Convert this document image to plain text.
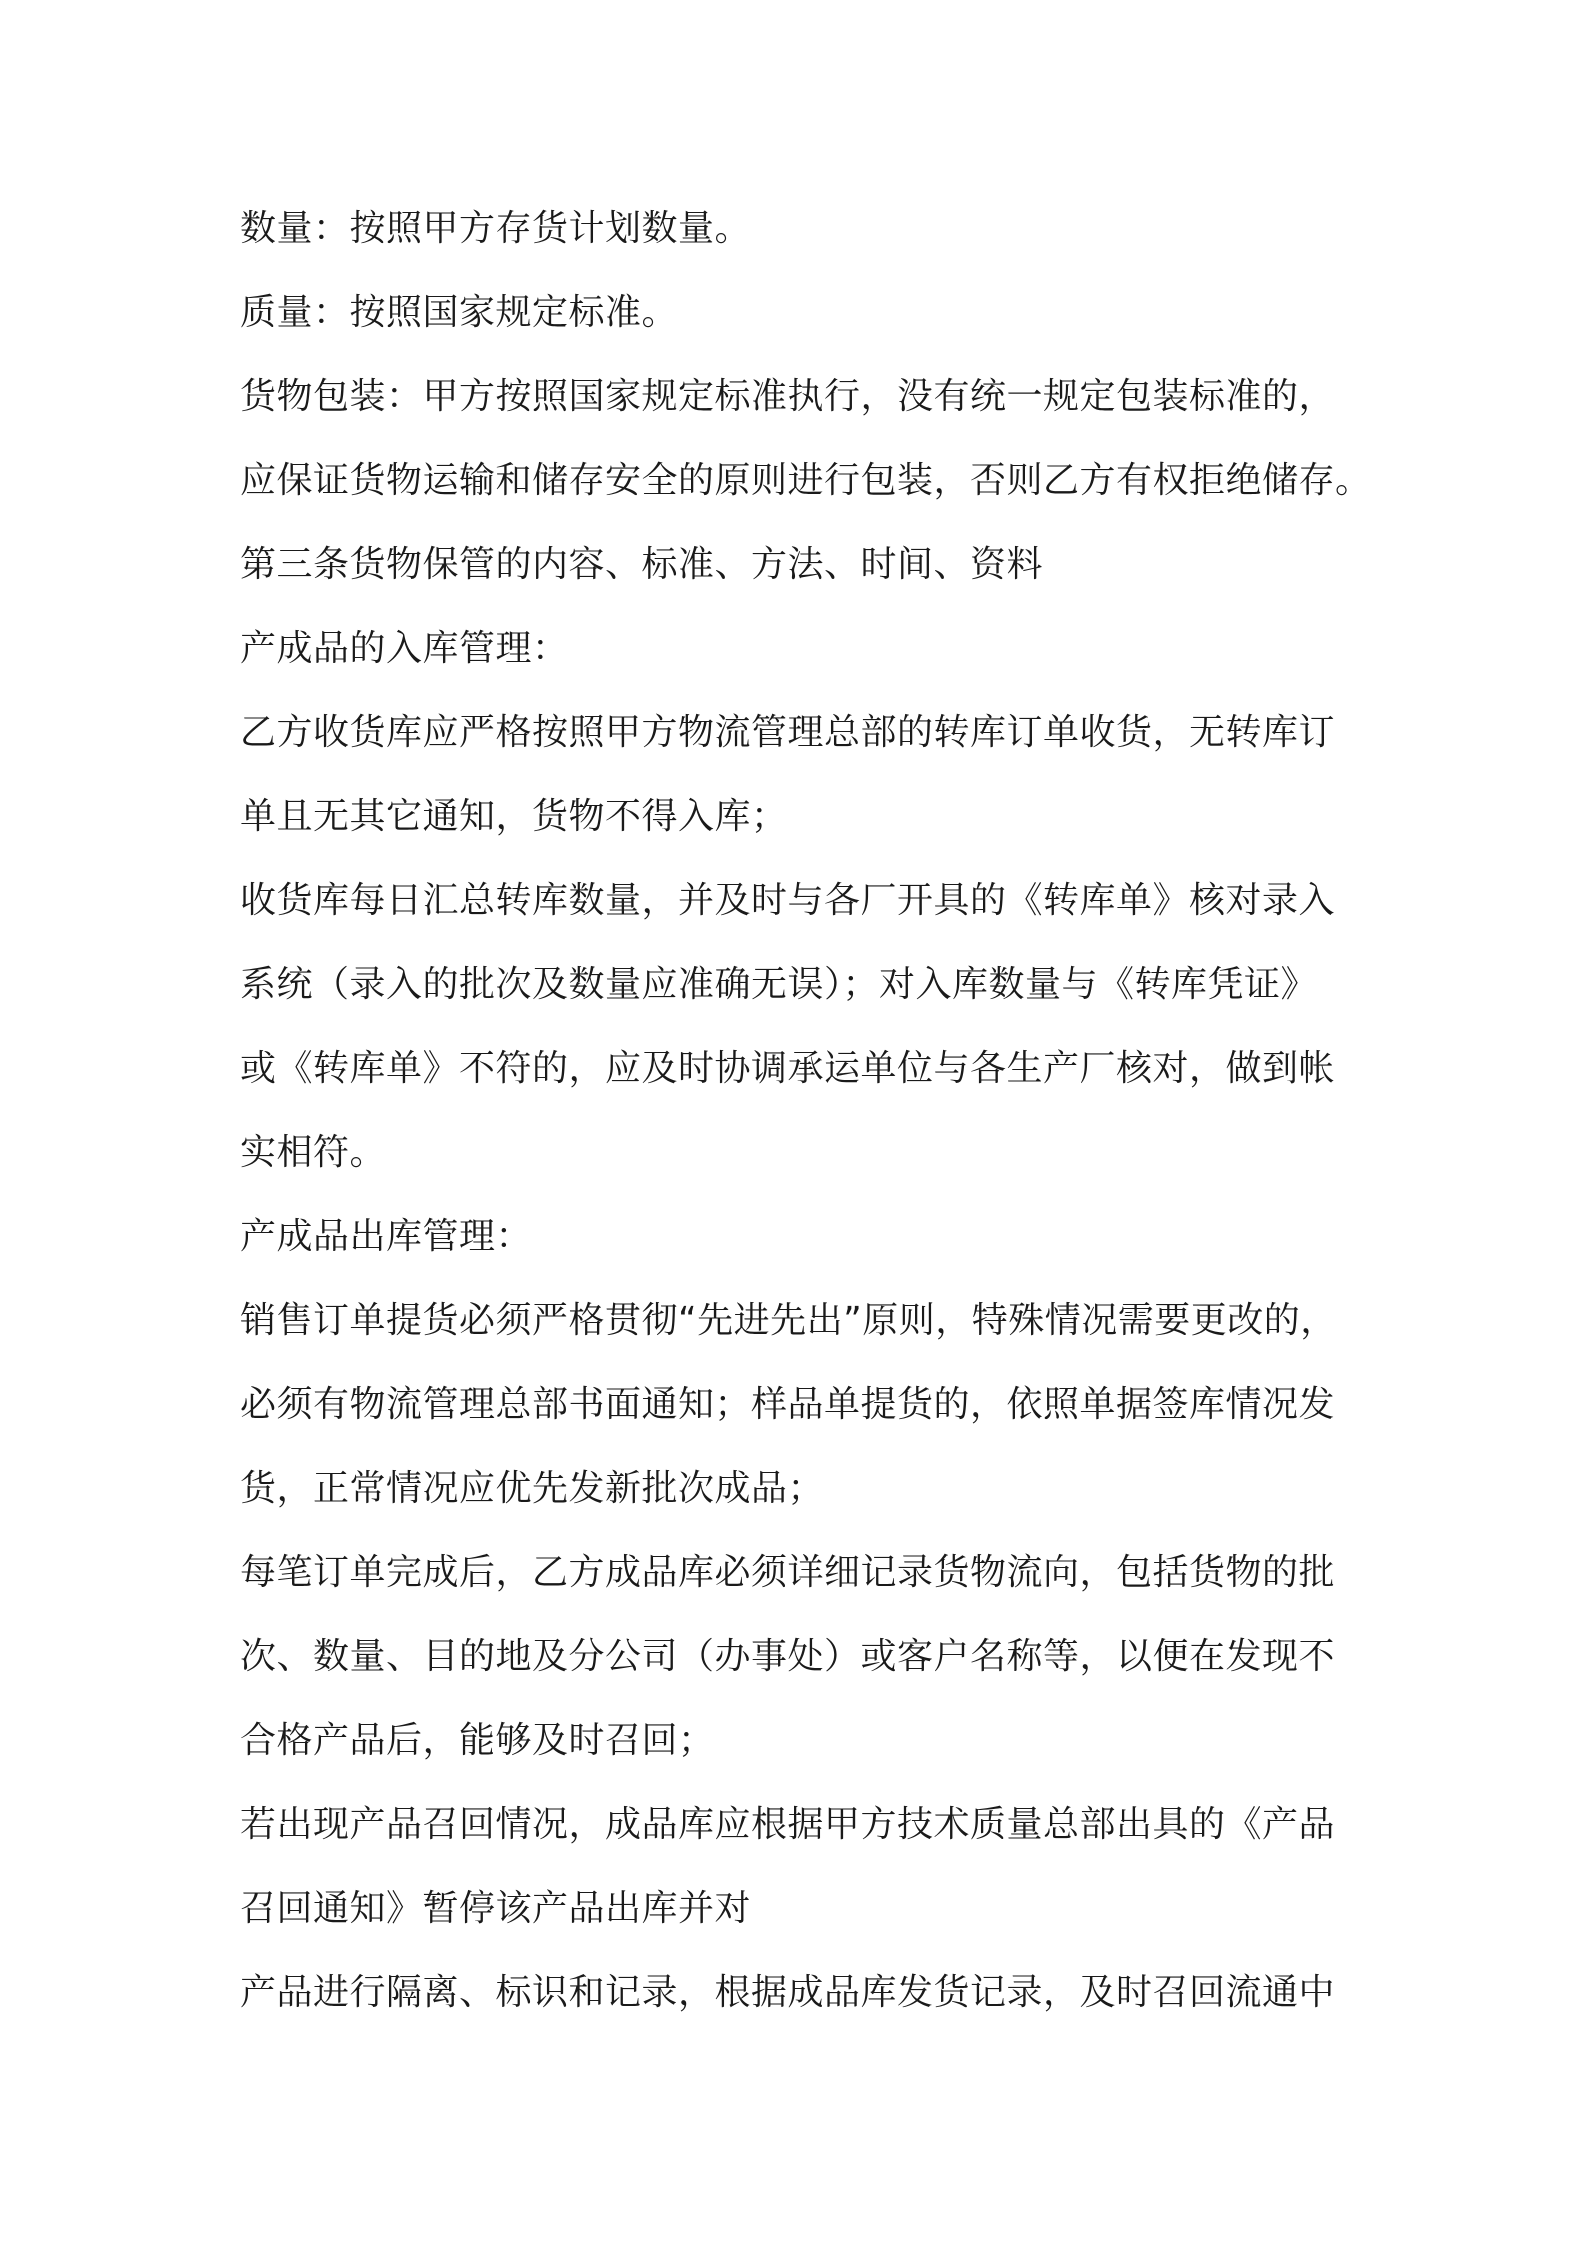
数量：按照甲方存货计划数量。

质量：按照国家规定标准。

货物包装：甲方按照国家规定标准执行，没有统一规定包装标准的，

应保证货物运输和储存安全的原则进行包装，否则乙方有权拒绝储存。

第三条货物保管的内容、标准、方法、时间、资料

产成品的入库管理：

乙方收货库应严格按照甲方物流管理总部的转库订单收货，无转库订

单且无其它通知，货物不得入库；

收货库每日汇总转库数量，并及时与各厂开具的《转库单》核对录入

系统（录入的批次及数量应准确无误）；对入库数量与《转库凭证》

或《转库单》不符的，应及时协调承运单位与各生产厂核对，做到帐

实相符。

产成品出库管理：

销售订单提货必须严格贯彻“先进先出”原则，特殊情况需要更改的，

必须有物流管理总部书面通知；样品单提货的，依照单据签库情况发

货，正常情况应优先发新批次成品；

每笔订单完成后，乙方成品库必须详细记录货物流向，包括货物的批

次、数量、目的地及分公司（办事处）或客户名称等，以便在发现不

合格产品后，能够及时召回；

若出现产品召回情况，成品库应根据甲方技术质量总部出具的《产品

召回通知》暂停该产品出库并对

产品进行隔离、标识和记录，根据成品库发货记录，及时召回流通中
